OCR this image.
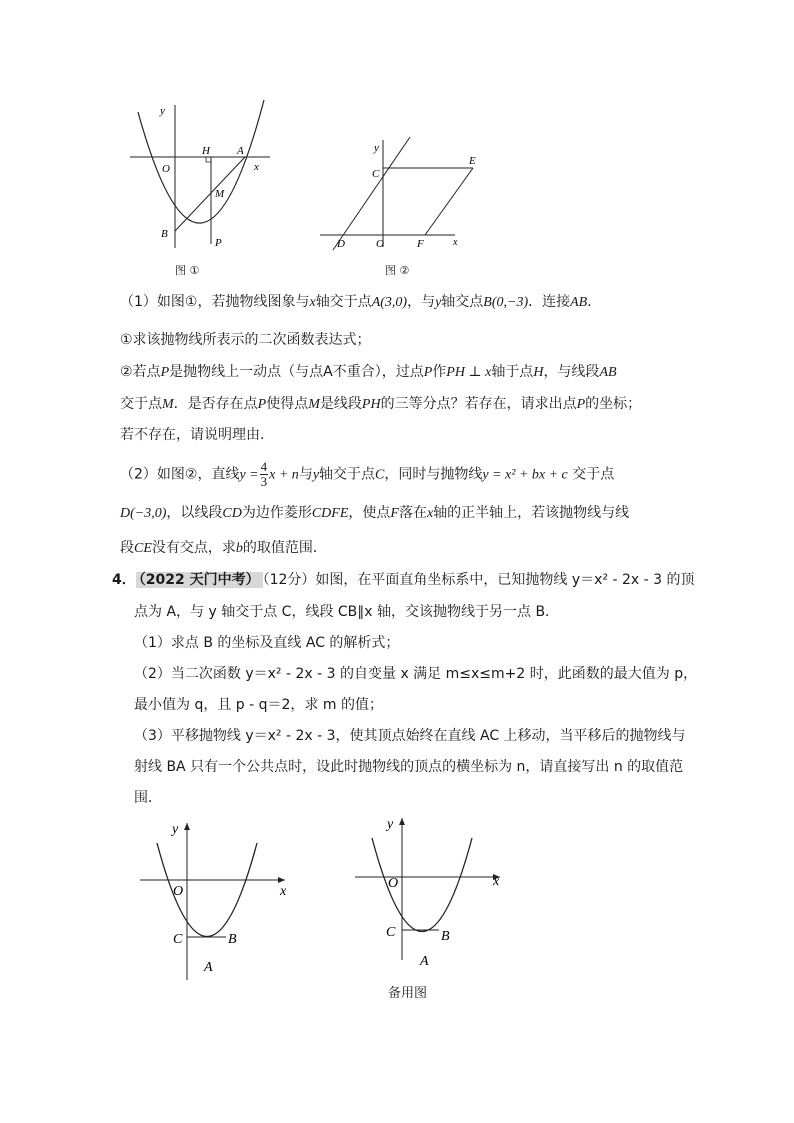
y
x
O
H A
M
B
P
图 ①
y
C
E
D	O	F	x
图 ②
（1）如图①，若抛物线图象与x轴交于点A(3,0)，与y轴交点B(0,−3)．连接AB．
①求该抛物线所表示的二次函数表达式；
②若点P是抛物线上一动点（与点A不重合），过点P作PH ⊥ x轴于点H，与线段AB
交于点M．是否存在点P使得点M是线段PH的三等分点？若存在，请求出点P的坐标；
若不存在，请说明理由．
（2）如图②，直线$y = \frac{4}{3}$ x + n与y轴交于点C，同时与抛物线y = x² + bx + c 交于点
D(−3,0)，以线段CD为边作菱形CDFE，使点F落在x轴的正半轴上，若该抛物线与线
段CE没有交点，求b的取值范围．
4． （2022 天门中考） （12分）如图，在平面直角坐标系中，已知抛物线 y＝x² - 2x - 3 的顶
点为 A，与 y 轴交于点 C，线段 CB∥x 轴，交该抛物线于另一点 B．
（1）求点 B 的坐标及直线 AC 的解析式；
（2）当二次函数 y＝x² - 2x - 3 的自变量 x 满足 m≤x≤m+2 时，此函数的最大值为 p，
最小值为 q，且 p - q＝2，求 m 的值；
（3）平移抛物线 y＝x² - 2x - 3，使其顶点始终在直线 AC 上移动，当平移后的抛物线与
射线 BA 只有一个公共点时，设此时抛物线的顶点的横坐标为 n，请直接写出 n 的取值范
围．
y
x
O
C	B
A
y
x
O
C	B
A
备用图
